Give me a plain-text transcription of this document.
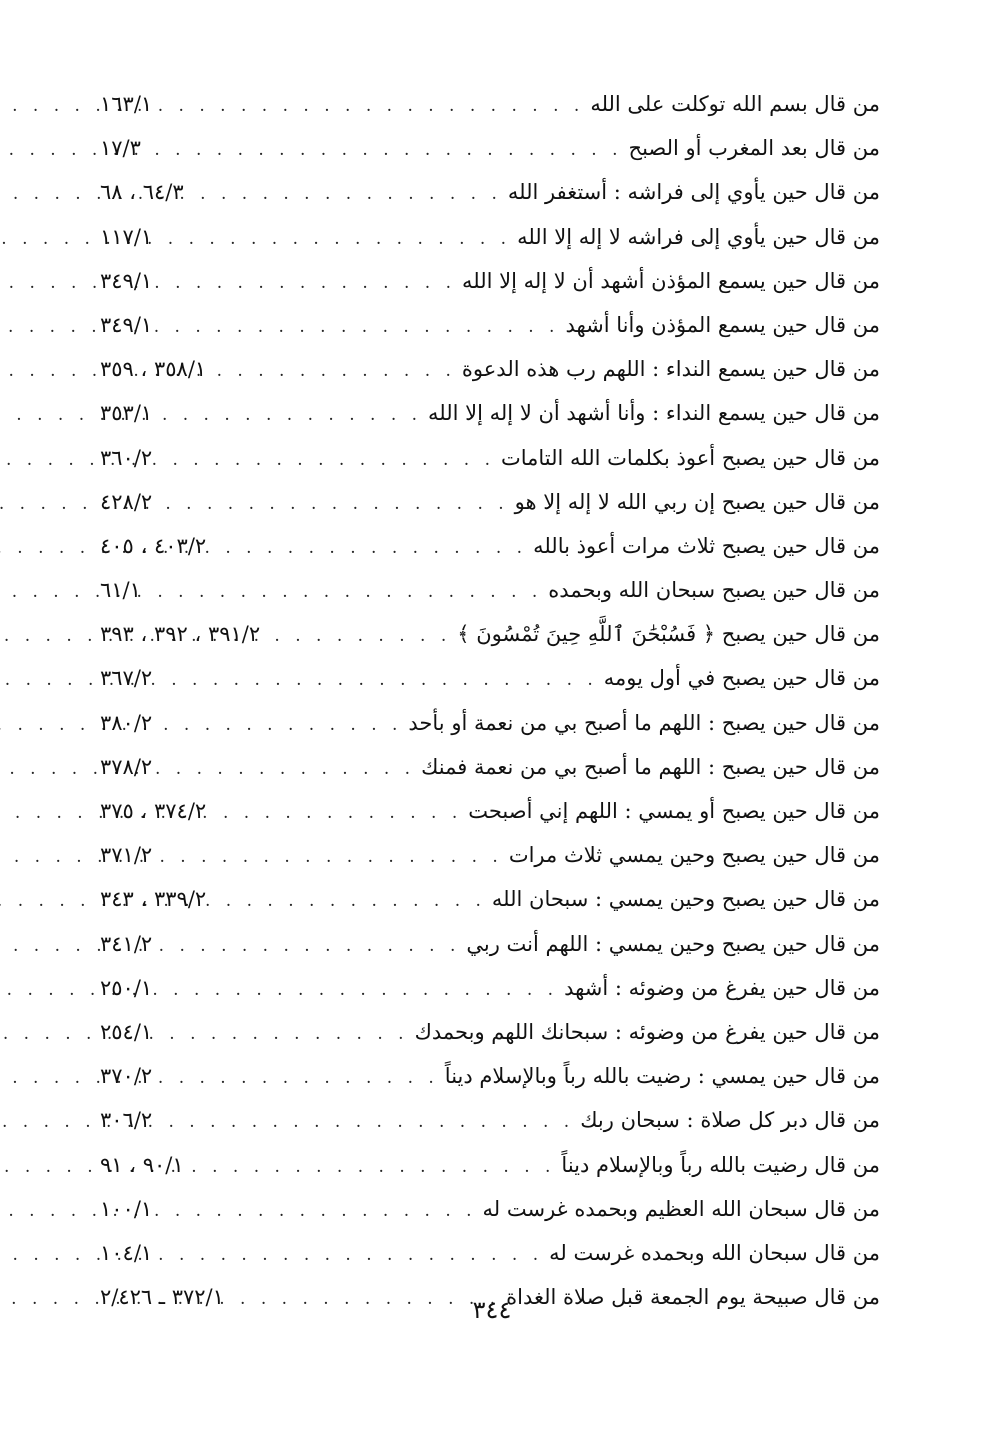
من قال بسم الله توكلت على الله
. . .
١٦٣/١
من قال بعد المغرب أو الصبح
. . .
١٧/٣
من قال حين يأوي إلى فراشه : أستغفر الله
. . .
٦٤/٣ ، ٦٨
من قال حين يأوي إلى فراشه لا إله إلا الله
. . .
١١٧/١
من قال حين يسمع المؤذن أشهد أن لا إله إلا الله
. . .
٣٤٩/١
من قال حين يسمع المؤذن وأنا أشهد
. . .
٣٤٩/١
من قال حين يسمع النداء : اللهم رب هذه الدعوة
. . .
٣٥٨/١ ، ٣٥٩
من قال حين يسمع النداء : وأنا أشهد أن لا إله إلا الله
. . .
٣٥٣/١
من قال حين يصبح أعوذ بكلمات الله التامات
. . .
٣٦٠/٢
من قال حين يصبح إن ربي الله لا إله إلا هو
. . .
٤٢٨/٢
من قال حين يصبح ثلاث مرات أعوذ بالله
. . .
٤٠٣/٢ ، ٤٠٥
من قال حين يصبح سبحان الله وبحمده
. . .
٦١/١
من قال حين يصبح ﴿ فَسُبْحَٰنَ ٱللَّهِ حِينَ تُمْسُونَ ﴾
. . .
٣٩١/٢ ، ٣٩٢ ، ٣٩٣
من قال حين يصبح في أول يومه
. . .
٣٦٧/٢
من قال حين يصبح : اللهم ما أصبح بي من نعمة أو بأحد
. . .
٣٨٠/٢
من قال حين يصبح : اللهم ما أصبح بي من نعمة فمنك
. . .
٣٧٨/٢
من قال حين يصبح أو يمسي : اللهم إني أصبحت
. . .
٣٧٤/٢ ، ٣٧٥
من قال حين يصبح وحين يمسي ثلاث مرات
. . .
٣٧١/٢
من قال حين يصبح وحين يمسي : سبحان الله
. . .
٣٣٩/٢ ، ٣٤٣
من قال حين يصبح وحين يمسي : اللهم أنت ربي
. . .
٣٤١/٢
من قال حين يفرغ من وضوئه : أشهد
. . .
٢٥٠/١
من قال حين يفرغ من وضوئه : سبحانك اللهم وبحمدك
. . .
٢٥٤/١
من قال حين يمسي : رضيت بالله رباً وبالإسلام ديناً
. . .
٣٧٠/٢
من قال دبر كل صلاة : سبحان ربك
. . .
٣٠٦/٢
من قال رضيت بالله رباً وبالإسلام ديناً
. . .
٩٠/١ ، ٩١
من قال سبحان الله العظيم وبحمده غرست له
. . .
١٠٠/١
من قال سبحان الله وبحمده غرست له
. . .
١٠٤/١
من قال صبيحة يوم الجمعة قبل صلاة الغداة
. . .
٣٧٢/١ ـ ٢/٤٢٦	٣٤٤
